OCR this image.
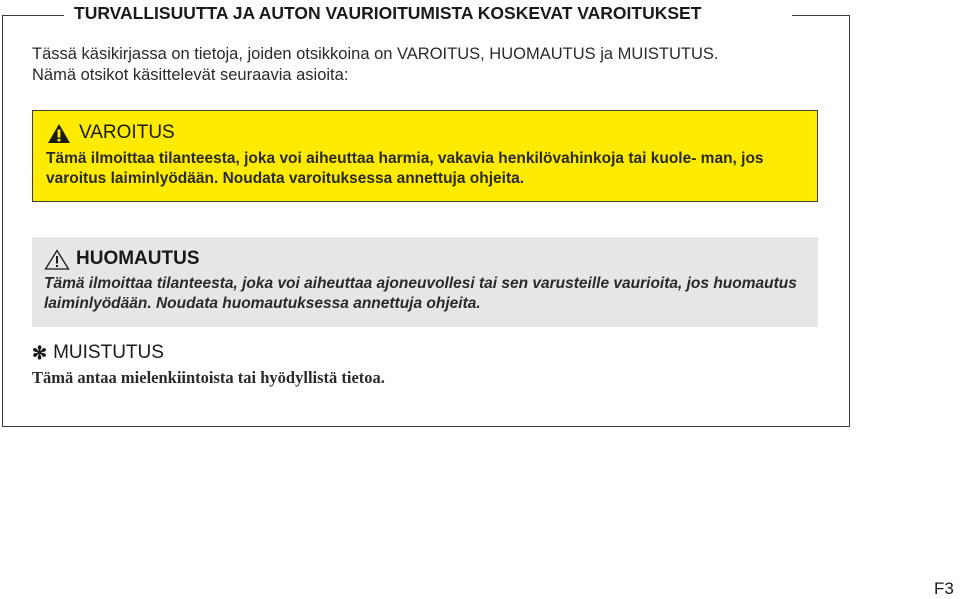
TURVALLISUUTTA JA AUTON VAURIOITUMISTA KOSKEVAT VAROITUKSET

Tässä käsikirjassa on tietoja, joiden otsikkoina on VAROITUS, HUOMAUTUS ja MUISTUTUS.

Nämä otsikot käsittelevät seuraavia asioita:

VAROITUS

Tämä ilmoittaa tilanteesta, joka voi aiheuttaa harmia, vakavia henkilövahinkoja tai kuole- man, jos varoitus laiminlyödään. Noudata varoituksessa annettuja ohjeita.

HUOMAUTUS

Tämä ilmoittaa tilanteesta, joka voi aiheuttaa ajoneuvollesi tai sen varusteille vaurioita, jos huomautus laiminlyödään. Noudata huomautuksessa annettuja ohjeita.

✻ MUISTUTUS

Tämä antaa mielenkiintoista tai hyödyllistä tietoa.

F3
